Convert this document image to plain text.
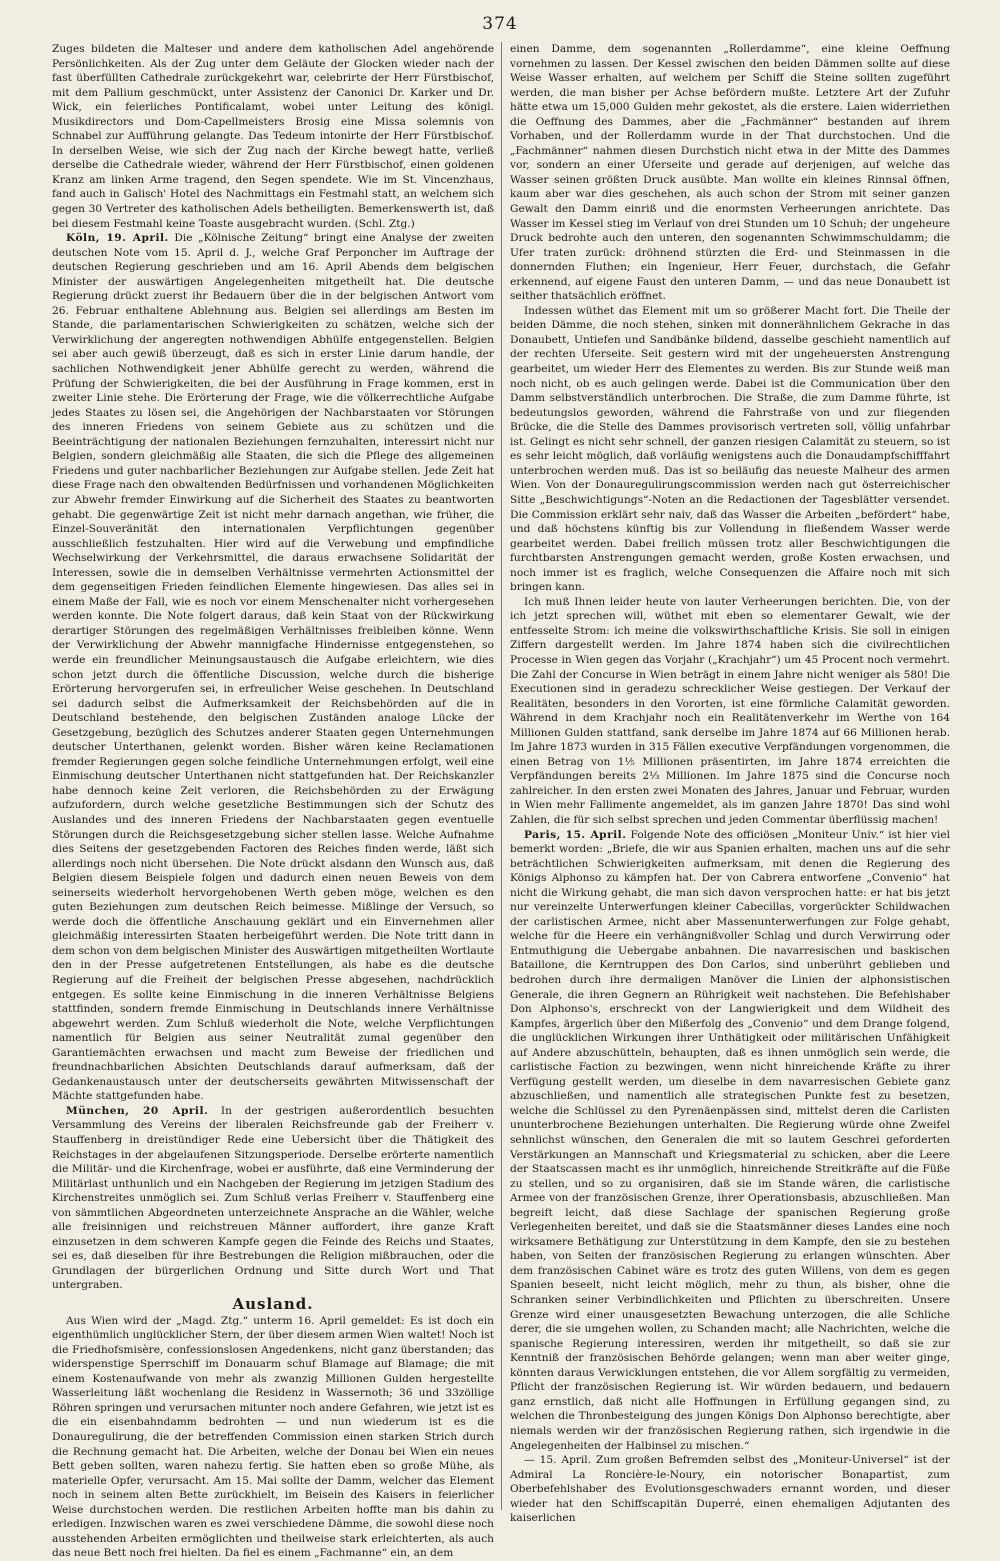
374

Zuges bildeten die Malteser und andere dem katholischen Adel angehörende Persönlichkeiten. Als der Zug unter dem Geläute der Glocken wieder nach der fast überfüllten Cathedrale zurückgekehrt war, celebrirte der Herr Fürstbischof, mit dem Pallium geschmückt, unter Assistenz der Canonici Dr. Karker und Dr. Wick, ein feierliches Pontificalamt, wobei unter Leitung des königl. Musikdirectors und Dom-Capellmeisters Brosig eine Missa solemnis von Schnabel zur Aufführung gelangte. Das Tedeum intonirte der Herr Fürstbischof. In derselben Weise, wie sich der Zug nach der Kirche bewegt hatte, verließ derselbe die Cathedrale wieder, während der Herr Fürstbischof, einen goldenen Kranz am linken Arme tragend, den Segen spendete. Wie im St. Vincenzhaus, fand auch in Galisch' Hotel des Nachmittags ein Festmahl statt, an welchem sich gegen 30 Vertreter des katholischen Adels betheiligten. Bemerkenswerth ist, daß bei diesem Festmahl keine Toaste ausgebracht wurden. (Schl. Ztg.)

Köln, 19. April. Die „Kölnische Zeitung“ bringt eine Analyse der zweiten deutschen Note vom 15. April d. J., welche Graf Perponcher im Auftrage der deutschen Regierung geschrieben und am 16. April Abends dem belgischen Minister der auswärtigen Angelegenheiten mitgetheilt hat. Die deutsche Regierung drückt zuerst ihr Bedauern über die in der belgischen Antwort vom 26. Februar enthaltene Ablehnung aus. Belgien sei allerdings am Besten im Stande, die parlamentarischen Schwierigkeiten zu schätzen, welche sich der Verwirklichung der angeregten nothwendigen Abhülfe entgegenstellen. Belgien sei aber auch gewiß überzeugt, daß es sich in erster Linie darum handle, der sachlichen Nothwendigkeit jener Abhülfe gerecht zu werden, während die Prüfung der Schwierigkeiten, die bei der Ausführung in Frage kommen, erst in zweiter Linie stehe. Die Erörterung der Frage, wie die völkerrechtliche Aufgabe jedes Staates zu lösen sei, die Angehörigen der Nachbarstaaten vor Störungen des inneren Friedens von seinem Gebiete aus zu schützen und die Beeinträchtigung der nationalen Beziehungen fernzuhalten, interessirt nicht nur Belgien, sondern gleichmäßig alle Staaten, die sich die Pflege des allgemeinen Friedens und guter nachbarlicher Beziehungen zur Aufgabe stellen. Jede Zeit hat diese Frage nach den obwaltenden Bedürfnissen und vorhandenen Möglichkeiten zur Abwehr fremder Einwirkung auf die Sicherheit des Staates zu beantworten gehabt. Die gegenwärtige Zeit ist nicht mehr darnach angethan, wie früher, die Einzel-Souveränität den internationalen Verpflichtungen gegenüber ausschließlich festzuhalten. Hier wird auf die Verwebung und empfindliche Wechselwirkung der Verkehrsmittel, die daraus erwachsene Solidarität der Interessen, sowie die in demselben Verhältnisse vermehrten Actionsmittel der dem gegenseitigen Frieden feindlichen Elemente hingewiesen. Das alles sei in einem Maße der Fall, wie es noch vor einem Menschenalter nicht vorhergesehen werden konnte. Die Note folgert daraus, daß kein Staat von der Rückwirkung derartiger Störungen des regelmäßigen Verhältnisses freibleiben könne. Wenn der Verwirklichung der Abwehr mannigfache Hindernisse entgegenstehen, so werde ein freundlicher Meinungsaustausch die Aufgabe erleichtern, wie dies schon jetzt durch die öffentliche Discussion, welche durch die bisherige Erörterung hervorgerufen sei, in erfreulicher Weise geschehen. In Deutschland sei dadurch selbst die Aufmerksamkeit der Reichsbehörden auf die in Deutschland bestehende, den belgischen Zuständen analoge Lücke der Gesetzgebung, bezüglich des Schutzes anderer Staaten gegen Unternehmungen deutscher Unterthanen, gelenkt worden. Bisher wären keine Reclamationen fremder Regierungen gegen solche feindliche Unternehmungen erfolgt, weil eine Einmischung deutscher Unterthanen nicht stattgefunden hat. Der Reichskanzler habe dennoch keine Zeit verloren, die Reichsbehörden zu der Erwägung aufzufordern, durch welche gesetzliche Bestimmungen sich der Schutz des Auslandes und des inneren Friedens der Nachbarstaaten gegen eventuelle Störungen durch die Reichsgesetzgebung sicher stellen lasse. Welche Aufnahme dies Seitens der gesetzgebenden Factoren des Reiches finden werde, läßt sich allerdings noch nicht übersehen. Die Note drückt alsdann den Wunsch aus, daß Belgien diesem Beispiele folgen und dadurch einen neuen Beweis von dem seinerseits wiederholt hervorgehobenen Werth geben möge, welchen es den guten Beziehungen zum deutschen Reich beimesse. Mißlinge der Versuch, so werde doch die öffentliche Anschauung geklärt und ein Einvernehmen aller gleichmäßig interessirten Staaten herbeigeführt werden. Die Note tritt dann in dem schon von dem belgischen Minister des Auswärtigen mitgetheilten Wortlaute den in der Presse aufgetretenen Entstellungen, als habe es die deutsche Regierung auf die Freiheit der belgischen Presse abgesehen, nachdrücklich entgegen. Es sollte keine Einmischung in die inneren Verhältnisse Belgiens stattfinden, sondern fremde Einmischung in Deutschlands innere Verhältnisse abgewehrt werden. Zum Schluß wiederholt die Note, welche Verpflichtungen namentlich für Belgien aus seiner Neutralität zumal gegenüber den Garantiemächten erwachsen und macht zum Beweise der friedlichen und freundnachbarlichen Absichten Deutschlands darauf aufmerksam, daß der Gedankenaustausch unter der deutscherseits gewährten Mitwissenschaft der Mächte stattgefunden habe.

München, 20 April. In der gestrigen außerordentlich besuchten Versammlung des Vereins der liberalen Reichsfreunde gab der Freiherr v. Stauffenberg in dreistündiger Rede eine Uebersicht über die Thätigkeit des Reichstages in der abgelaufenen Sitzungsperiode. Derselbe erörterte namentlich die Militär- und die Kirchenfrage, wobei er ausführte, daß eine Verminderung der Militärlast unthunlich und ein Nachgeben der Regierung im jetzigen Stadium des Kirchenstreites unmöglich sei. Zum Schluß verlas Freiherr v. Stauffenberg eine von sämmtlichen Abgeordneten unterzeichnete Ansprache an die Wähler, welche alle freisinnigen und reichstreuen Männer auffordert, ihre ganze Kraft einzusetzen in dem schweren Kampfe gegen die Feinde des Reichs und Staates, sei es, daß dieselben für ihre Bestrebungen die Religion mißbrauchen, oder die Grundlagen der bürgerlichen Ordnung und Sitte durch Wort und That untergraben.

Ausland.

Aus Wien wird der „Magd. Ztg.“ unterm 16. April gemeldet: Es ist doch ein eigenthümlich unglücklicher Stern, der über diesem armen Wien waltet! Noch ist die Friedhofsmisère, confessionslosen Angedenkens, nicht ganz überstanden; das widerspenstige Sperrschiff im Donauarm schuf Blamage auf Blamage; die mit einem Kostenaufwande von mehr als zwanzig Millionen Gulden hergestellte Wasserleitung läßt wochenlang die Residenz in Wassernoth; 36 und 33zöllige Röhren springen und verursachen mitunter noch andere Gefahren, wie jetzt ist es die ein eisenbahndamm bedrohten — und nun wiederum ist es die Donauregulirung, die der betreffenden Commission einen starken Strich durch die Rechnung gemacht hat. Die Arbeiten, welche der Donau bei Wien ein neues Bett geben sollten, waren nahezu fertig. Sie hatten eben so große Mühe, als materielle Opfer, verursacht. Am 15. Mai sollte der Damm, welcher das Element noch in seinem alten Bette zurückhielt, im Beisein des Kaisers in feierlicher Weise durchstochen werden. Die restlichen Arbeiten hoffte man bis dahin zu erledigen. Inzwischen waren es zwei verschiedene Dämme, die sowohl diese noch ausstehenden Arbeiten ermöglichten und theilweise stark erleichterten, als auch das neue Bett noch frei hielten. Da fiel es einem „Fachmanne“ ein, an dem

einen Damme, dem sogenannten „Rollerdamme“, eine kleine Oeffnung vornehmen zu lassen. Der Kessel zwischen den beiden Dämmen sollte auf diese Weise Wasser erhalten, auf welchem per Schiff die Steine sollten zugeführt werden, die man bisher per Achse befördern mußte. Letztere Art der Zufuhr hätte etwa um 15,000 Gulden mehr gekostet, als die erstere. Laien widerriethen die Oeffnung des Dammes, aber die „Fachmänner“ bestanden auf ihrem Vorhaben, und der Rollerdamm wurde in der That durchstochen. Und die „Fachmänner“ nahmen diesen Durchstich nicht etwa in der Mitte des Dammes vor, sondern an einer Uferseite und gerade auf derjenigen, auf welche das Wasser seinen größten Druck ausübte. Man wollte ein kleines Rinnsal öffnen, kaum aber war dies geschehen, als auch schon der Strom mit seiner ganzen Gewalt den Damm einriß und die enormsten Verheerungen anrichtete. Das Wasser im Kessel stieg im Verlauf von drei Stunden um 10 Schuh; der ungeheure Druck bedrohte auch den unteren, den sogenannten Schwimmschuldamm; die Ufer traten zurück: dröhnend stürzten die Erd- und Steinmassen in die donnernden Fluthen; ein Ingenieur, Herr Feuer, durchstach, die Gefahr erkennend, auf eigene Faust den unteren Damm, — und das neue Donaubett ist seither thatsächlich eröffnet.

Indessen wüthet das Element mit um so größerer Macht fort. Die Theile der beiden Dämme, die noch stehen, sinken mit donnerähnlichem Gekrache in das Donaubett, Untiefen und Sandbänke bildend, dasselbe geschieht namentlich auf der rechten Uferseite. Seit gestern wird mit der ungeheuersten Anstrengung gearbeitet, um wieder Herr des Elementes zu werden. Bis zur Stunde weiß man noch nicht, ob es auch gelingen werde. Dabei ist die Communication über den Damm selbstverständlich unterbrochen. Die Straße, die zum Damme führte, ist bedeutungslos geworden, während die Fahrstraße von und zur fliegenden Brücke, die die Stelle des Dammes provisorisch vertreten soll, völlig unfahrbar ist. Gelingt es nicht sehr schnell, der ganzen riesigen Calamität zu steuern, so ist es sehr leicht möglich, daß vorläufig wenigstens auch die Donaudampfschifffahrt unterbrochen werden muß. Das ist so beiläufig das neueste Malheur des armen Wien. Von der Donauregulirungscommission werden nach gut österreichischer Sitte „Beschwichtigungs“-Noten an die Redactionen der Tagesblätter versendet. Die Commission erklärt sehr naiv, daß das Wasser die Arbeiten „befördert“ habe, und daß höchstens künftig bis zur Vollendung in fließendem Wasser werde gearbeitet werden. Dabei freilich müssen trotz aller Beschwichtigungen die furchtbarsten Anstrengungen gemacht werden, große Kosten erwachsen, und noch immer ist es fraglich, welche Consequenzen die Affaire noch mit sich bringen kann.

Ich muß Ihnen leider heute von lauter Verheerungen berichten. Die, von der ich jetzt sprechen will, wüthet mit eben so elementarer Gewalt, wie der entfesselte Strom: ich meine die volkswirthschaftliche Krisis. Sie soll in einigen Ziffern dargestellt werden. Im Jahre 1874 haben sich die civilrechtlichen Processe in Wien gegen das Vorjahr („Krachjahr“) um 45 Procent noch vermehrt. Die Zahl der Concurse in Wien beträgt in einem Jahre nicht weniger als 580! Die Executionen sind in geradezu schrecklicher Weise gestiegen. Der Verkauf der Realitäten, besonders in den Vororten, ist eine förmliche Calamität geworden. Während in dem Krachjahr noch ein Realitätenverkehr im Werthe von 164 Millionen Gulden stattfand, sank derselbe im Jahre 1874 auf 66 Millionen herab. Im Jahre 1873 wurden in 315 Fällen executive Verpfändungen vorgenommen, die einen Betrag von 1⅕ Millionen präsentirten, im Jahre 1874 erreichten die Verpfändungen bereits 2⅓ Millionen. Im Jahre 1875 sind die Concurse noch zahlreicher. In den ersten zwei Monaten des Jahres, Januar und Februar, wurden in Wien mehr Fallimente angemeldet, als im ganzen Jahre 1870! Das sind wohl Zahlen, die für sich selbst sprechen und jeden Commentar überflüssig machen!

Paris, 15. April. Folgende Note des officiösen „Moniteur Univ.“ ist hier viel bemerkt worden: „Briefe, die wir aus Spanien erhalten, machen uns auf die sehr beträchtlichen Schwierigkeiten aufmerksam, mit denen die Regierung des Königs Alphonso zu kämpfen hat. Der von Cabrera entworfene „Convenio“ hat nicht die Wirkung gehabt, die man sich davon versprochen hatte: er hat bis jetzt nur vereinzelte Unterwerfungen kleiner Cabecillas, vorgerückter Schildwachen der carlistischen Armee, nicht aber Massenunterwerfungen zur Folge gehabt, welche für die Heere ein verhängnißvoller Schlag und durch Verwirrung oder Entmuthigung die Uebergabe anbahnen. Die navarresischen und baskischen Bataillone, die Kerntruppen des Don Carlos, sind unberührt geblieben und bedrohen durch ihre dermaligen Manöver die Linien der alphonsistischen Generale, die ihren Gegnern an Rührigkeit weit nachstehen. Die Befehlshaber Don Alphonso's, erschreckt von der Langwierigkeit und dem Wildheit des Kampfes, ärgerlich über den Mißerfolg des „Convenio“ und dem Drange folgend, die unglücklichen Wirkungen ihrer Unthätigkeit oder militärischen Unfähigkeit auf Andere abzuschütteln, behaupten, daß es ihnen unmöglich sein werde, die carlistische Faction zu bezwingen, wenn nicht hinreichende Kräfte zu ihrer Verfügung gestellt werden, um dieselbe in dem navarresischen Gebiete ganz abzuschließen, und namentlich alle strategischen Punkte fest zu besetzen, welche die Schlüssel zu den Pyrenäenpässen sind, mittelst deren die Carlisten ununterbrochene Beziehungen unterhalten. Die Regierung würde ohne Zweifel sehnlichst wünschen, den Generalen die mit so lautem Geschrei geforderten Verstärkungen an Mannschaft und Kriegsmaterial zu schicken, aber die Leere der Staatscassen macht es ihr unmöglich, hinreichende Streitkräfte auf die Füße zu stellen, und so zu organisiren, daß sie im Stande wären, die carlistische Armee von der französischen Grenze, ihrer Operationsbasis, abzuschließen. Man begreift leicht, daß diese Sachlage der spanischen Regierung große Verlegenheiten bereitet, und daß sie die Staatsmänner dieses Landes eine noch wirksamere Bethätigung zur Unterstützung in dem Kampfe, den sie zu bestehen haben, von Seiten der französischen Regierung zu erlangen wünschten. Aber dem französischen Cabinet wäre es trotz des guten Willens, von dem es gegen Spanien beseelt, nicht leicht möglich, mehr zu thun, als bisher, ohne die Schranken seiner Verbindlichkeiten und Pflichten zu überschreiten. Unsere Grenze wird einer unausgesetzten Bewachung unterzogen, die alle Schliche derer, die sie umgehen wollen, zu Schanden macht; alle Nachrichten, welche die spanische Regierung interessiren, werden ihr mitgetheilt, so daß sie zur Kenntniß der französischen Behörde gelangen; wenn man aber weiter ginge, könnten daraus Verwicklungen entstehen, die vor Allem sorgfältig zu vermeiden, Pflicht der französischen Regierung ist. Wir würden bedauern, und bedauern ganz ernstlich, daß nicht alle Hoffnungen in Erfüllung gegangen sind, zu welchen die Thronbesteigung des jungen Königs Don Alphonso berechtigte, aber niemals werden wir der französischen Regierung rathen, sich irgendwie in die Angelegenheiten der Halbinsel zu mischen.“

— 15. April. Zum großen Befremden selbst des „Moniteur-Universel“ ist der Admiral La Roncière-le-Noury, ein notorischer Bonapartist, zum Oberbefehlshaber des Evolutionsgeschwaders ernannt worden, und dieser wieder hat den Schiffscapitän Duperré, einen ehemaligen Adjutanten des kaiserlichen
